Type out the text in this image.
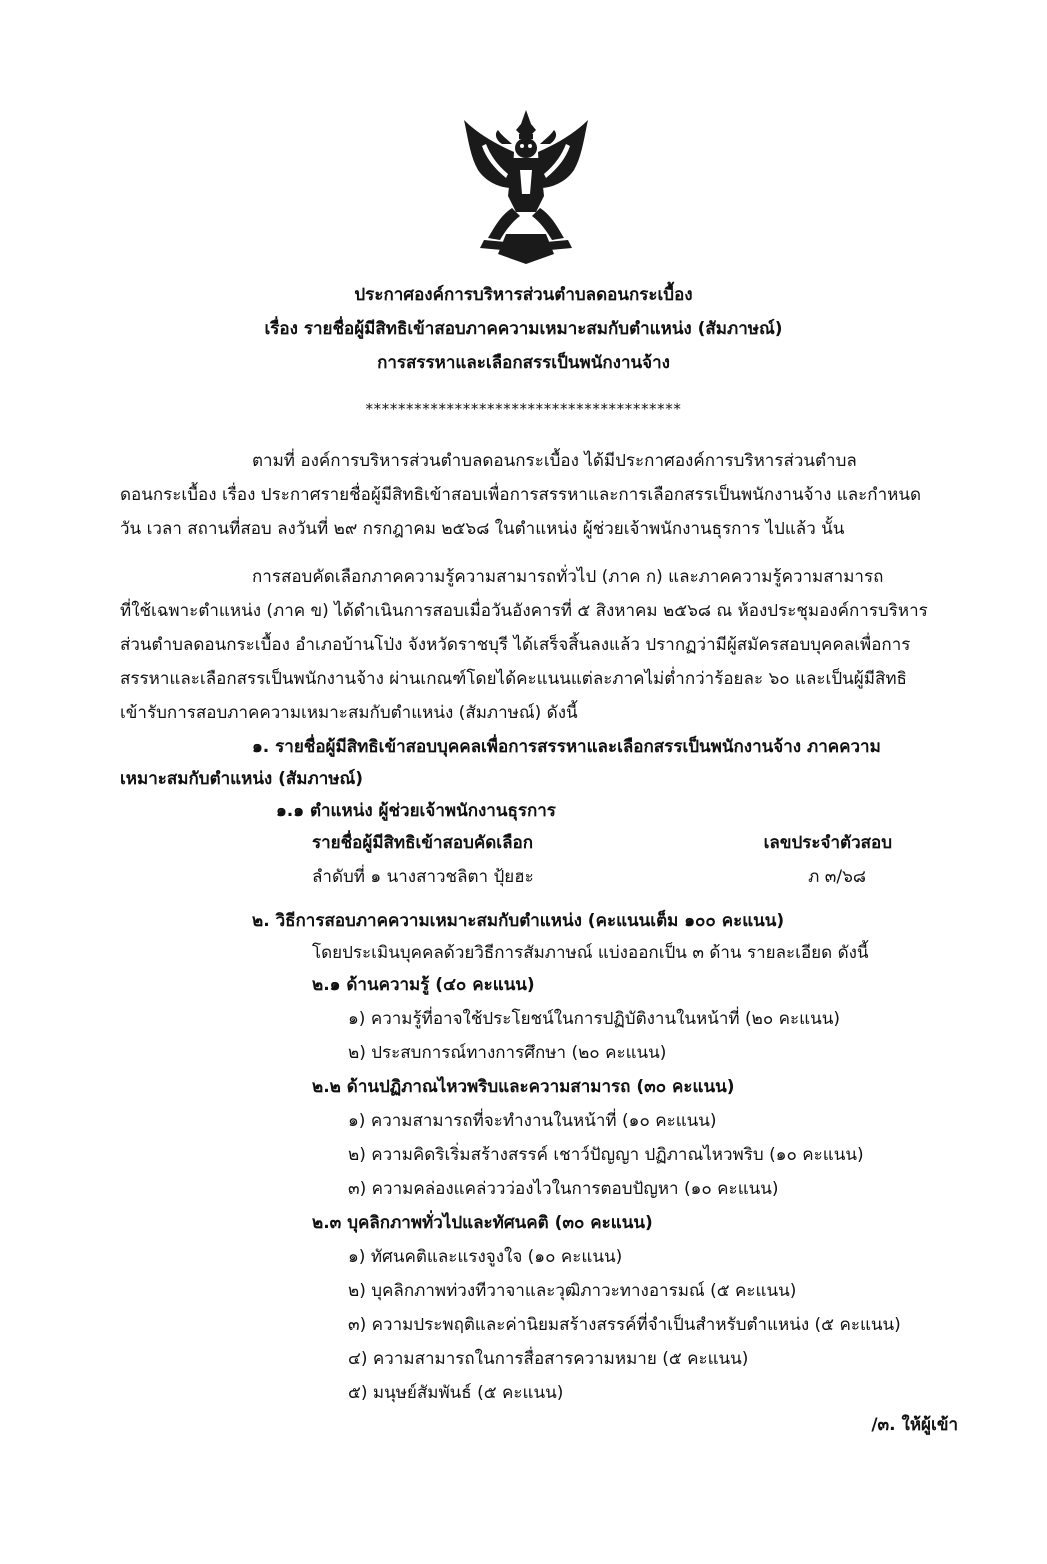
ประกาศองค์การบริหารส่วนตำบลดอนกระเบื้อง
เรื่อง รายชื่อผู้มีสิทธิเข้าสอบภาคความเหมาะสมกับตำแหน่ง (สัมภาษณ์)
การสรรหาและเลือกสรรเป็นพนักงานจ้าง
***************************************
ตามที่ องค์การบริหารส่วนตำบลดอนกระเบื้อง ได้มีประกาศองค์การบริหารส่วนตำบล
ดอนกระเบื้อง เรื่อง ประกาศรายชื่อผู้มีสิทธิเข้าสอบเพื่อการสรรหาและการเลือกสรรเป็นพนักงานจ้าง และกำหนด
วัน เวลา สถานที่สอบ ลงวันที่ ๒๙ กรกฎาคม ๒๕๖๘ ในตำแหน่ง ผู้ช่วยเจ้าพนักงานธุรการ ไปแล้ว นั้น
การสอบคัดเลือกภาคความรู้ความสามารถทั่วไป (ภาค ก) และภาคความรู้ความสามารถ
ที่ใช้เฉพาะตำแหน่ง (ภาค ข) ได้ดำเนินการสอบเมื่อวันอังคารที่ ๕ สิงหาคม ๒๕๖๘ ณ ห้องประชุมองค์การบริหาร
ส่วนตำบลดอนกระเบื้อง อำเภอบ้านโป่ง จังหวัดราชบุรี ได้เสร็จสิ้นลงแล้ว ปรากฏว่ามีผู้สมัครสอบบุคคลเพื่อการ
สรรหาและเลือกสรรเป็นพนักงานจ้าง ผ่านเกณฑ์โดยได้คะแนนแต่ละภาคไม่ต่ำกว่าร้อยละ ๖๐ และเป็นผู้มีสิทธิ
เข้ารับการสอบภาคความเหมาะสมกับตำแหน่ง (สัมภาษณ์) ดังนี้
๑. รายชื่อผู้มีสิทธิเข้าสอบบุคคลเพื่อการสรรหาและเลือกสรรเป็นพนักงานจ้าง ภาคความ
เหมาะสมกับตำแหน่ง (สัมภาษณ์)
๑.๑ ตำแหน่ง ผู้ช่วยเจ้าพนักงานธุรการ
รายชื่อผู้มีสิทธิเข้าสอบคัดเลือก	เลขประจำตัวสอบ
ลำดับที่ ๑ นางสาวชลิตา ปุ้ยฮะ	ภ ๓/๖๘
๒. วิธีการสอบภาคความเหมาะสมกับตำแหน่ง (คะแนนเต็ม ๑๐๐ คะแนน)
โดยประเมินบุคคลด้วยวิธีการสัมภาษณ์ แบ่งออกเป็น ๓ ด้าน รายละเอียด ดังนี้
๒.๑ ด้านความรู้ (๔๐ คะแนน)
๑) ความรู้ที่อาจใช้ประโยชน์ในการปฏิบัติงานในหน้าที่ (๒๐ คะแนน)
๒) ประสบการณ์ทางการศึกษา (๒๐ คะแนน)
๒.๒ ด้านปฏิภาณไหวพริบและความสามารถ (๓๐ คะแนน)
๑) ความสามารถที่จะทำงานในหน้าที่ (๑๐ คะแนน)
๒) ความคิดริเริ่มสร้างสรรค์ เชาว์ปัญญา ปฏิภาณไหวพริบ (๑๐ คะแนน)
๓) ความคล่องแคล่ววว่องไวในการตอบปัญหา (๑๐ คะแนน)
๒.๓ บุคลิกภาพทั่วไปและทัศนคติ (๓๐ คะแนน)
๑) ทัศนคติและแรงจูงใจ (๑๐ คะแนน)
๒) บุคลิกภาพท่วงทีวาจาและวุฒิภาวะทางอารมณ์ (๕ คะแนน)
๓) ความประพฤติและค่านิยมสร้างสรรค์ที่จำเป็นสำหรับตำแหน่ง (๕ คะแนน)
๔) ความสามารถในการสื่อสารความหมาย (๕ คะแนน)
๕) มนุษย์สัมพันธ์ (๕ คะแนน)
/๓. ให้ผู้เข้า
